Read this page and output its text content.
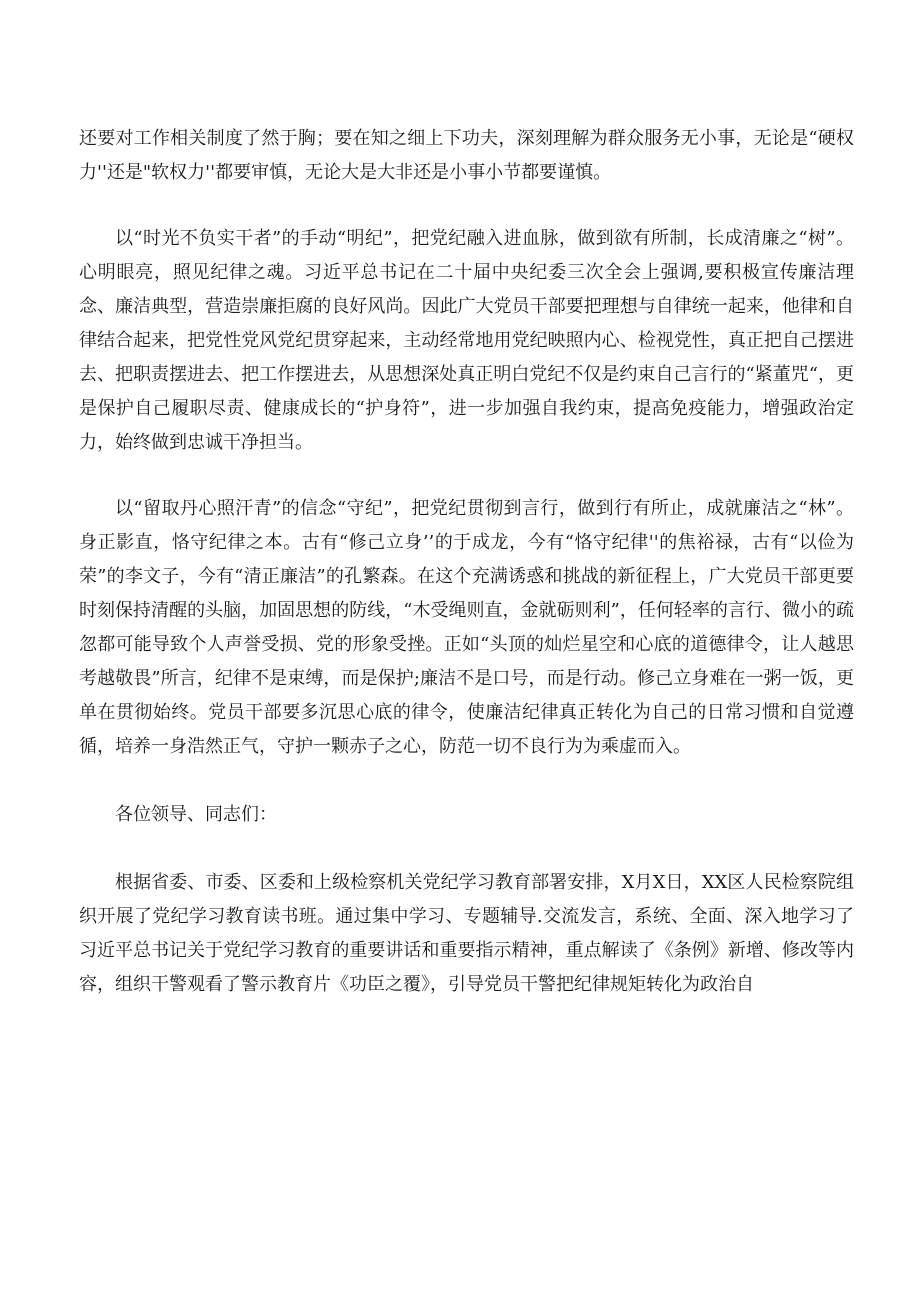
还要对工作相关制度了然于胸；要在知之细上下功夫，深刻理解为群众服务无小事，无论是“硬权力''还是"软权力''都要审慎，无论大是大非还是小事小节都要谨慎。

以“时光不负实干者”的手动“明纪”，把党纪融入进血脉，做到欲有所制，长成清廉之“树”。心明眼亮，照见纪律之魂。习近平总书记在二十届中央纪委三次全会上强调,要积极宣传廉洁理念、廉洁典型，营造崇廉拒腐的良好风尚。因此广大党员干部要把理想与自律统一起来，他律和自律结合起来，把党性党风党纪贯穿起来，主动经常地用党纪映照内心、检视党性，真正把自己摆进去、把职责摆进去、把工作摆进去，从思想深处真正明白党纪不仅是约束自己言行的“紧董咒“，更是保护自己履职尽责、健康成长的“护身符”，进一步加强自我约束，提高免疫能力，增强政治定力，始终做到忠诚干净担当。

以“留取丹心照汗青”的信念“守纪”，把党纪贯彻到言行，做到行有所止，成就廉洁之“林”。身正影直，恪守纪律之本。古有“修己立身’’的于成龙，今有“恪守纪律''的焦裕禄，古有“以俭为荣”的李文子，今有“清正廉洁”的孔繁森。在这个充满诱惑和挑战的新征程上，广大党员干部更要时刻保持清醒的头脑，加固思想的防线，“木受绳则直，金就砺则利”，任何轻率的言行、微小的疏忽都可能导致个人声誉受损、党的形象受挫。正如“头顶的灿烂星空和心底的道德律令，让人越思考越敬畏”所言，纪律不是束缚，而是保护;廉洁不是口号，而是行动。修己立身难在一粥一饭，更单在贯彻始终。党员干部要多沉思心底的律令，使廉洁纪律真正转化为自己的日常习惯和自觉遵循，培养一身浩然正气，守护一颗赤子之心，防范一切不良行为为乘虚而入。

各位领导、同志们：

根据省委、市委、区委和上级检察机关党纪学习教育部署安排，X月X日，XX区人民检察院组织开展了党纪学习教育读书班。通过集中学习、专题辅导.交流发言，系统、全面、深入地学习了习近平总书记关于党纪学习教育的重要讲话和重要指示精神，重点解读了《条例》新增、修改等内容，组织干警观看了警示教育片《功臣之覆》，引导党员干警把纪律规矩转化为政治自
